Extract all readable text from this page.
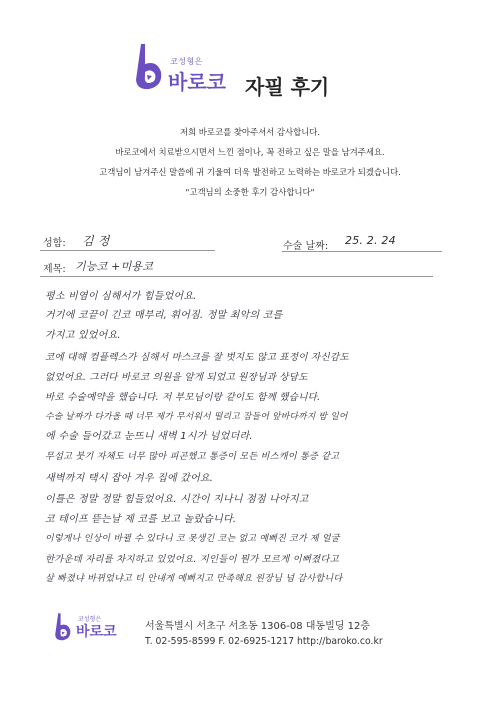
코성형은
바로코 자필 후기
저희 바로코를 찾아주셔서 감사합니다.
바로코에서 치료받으시면서 느낀 점이나, 꼭 전하고 싶은 말을 남겨주세요.
고객님이 남겨주신 말씀에 귀 기울여 더욱 발전하고 노력하는 바로코가 되겠습니다.
"고객님의 소중한 후기 감사합니다"
성함: 김 정	수술 날짜: 25. 2. 24
제목: 기능코 +미용코
평소 비염이 심해서가 힘들었어요.
거기에 코끝이 긴코 매부리, 휘어짐. 정말 최악의 코를
가지고 있었어요.
코에 대해 컴플렉스가 심해서 마스크를 잘 벗지도 않고 표정이 자신감도
없었어요. 그러다 바로코 의원을 알게 되었고 원장님과 상담도
바로 수술예약을 했습니다. 저 부모님이랑 같이도 함께 했습니다.
수술 날짜가 다가올 때 너무 제가 무서워서 떨리고 잠들어 앞바다까지 밤 일어
에 수술 들어갔고 눈뜨니 새벽 1시가 넘었더라.
무섭고 붓기 자체도 너무 많아 피곤했고 통증이 모든 비스캐이 통증 같고
새벽까지 택시 잡아 겨우 집에 갔어요.
이틀은 정말 정말 힘들었어요. 시간이 지나니 점점 나아지고
코 테이프 뜯는날 제 코를 보고 놀랐습니다.
이렇게나 인상이 바뀔 수 있다니 코 못생긴 코는 없고 예뻐진 코가 제 얼굴
한가운데 자리를 차지하고 있었어요. 지인들이 뭔가 모르게 이뻐졌다고
살 빠졌냐 바뀌었냐고 티 안내게 예뻐지고 만족해요 원장님 넘 감사합니다
코성형은
바로코	서울특별시 서초구 서초동 1306-08 대동빌딩 12층
T. 02-595-8599 F. 02-6925-1217 http://baroko.co.kr
